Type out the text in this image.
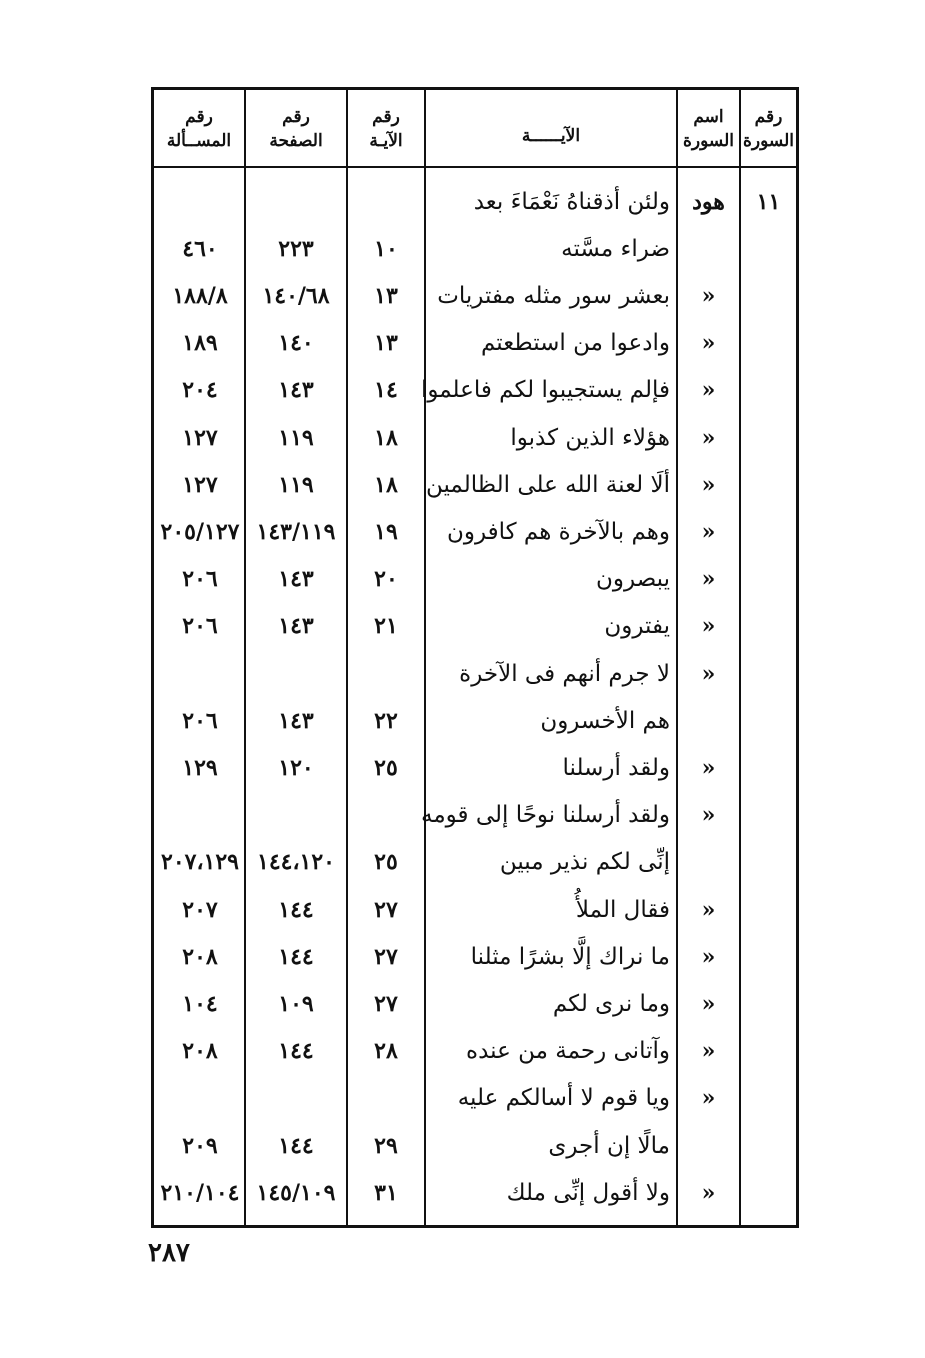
رقم
السورة
اسم
السورة
الآيــــــة
رقم
الآيـة
رقم
الصفحة
رقم
المســألة
١١
هود
ولئن أذقناهُ نَعْمَاءَ بعد
ضراء مسَّته
١٠
٢٢٣
٤٦٠
»
بعشر سور مثله مفتريات
١٣
١٤٠/٦٨
١٨٨/٨
»
وادعوا من استطعتم
١٣
١٤٠
١٨٩
»
فإلم يستجيبوا لكم فاعلموا
١٤
١٤٣
٢٠٤
»
هؤلاء الذين كذبوا
١٨
١١٩
١٢٧
»
ألَا لعنة الله على الظالمين
١٨
١١٩
١٢٧
»
وهم بالآخرة هم كافرون
١٩
١٤٣/١١٩
٢٠٥/١٢٧
»
يبصرون
٢٠
١٤٣
٢٠٦
»
يفترون
٢١
١٤٣
٢٠٦
»
لا جرم أنهم فى الآخرة
هم الأخسرون
٢٢
١٤٣
٢٠٦
»
ولقد أرسلنا
٢٥
١٢٠
١٢٩
»
ولقد أرسلنا نوحًا إلى قومه
إنِّى لكم نذير مبين
٢٥
١٤٤،١٢٠
٢٠٧،١٢٩
»
فقال الملأُ
٢٧
١٤٤
٢٠٧
»
ما نراك إلَّا بشرًا مثلنا
٢٧
١٤٤
٢٠٨
»
وما نرى لكم
٢٧
١٠٩
١٠٤
»
وآتانى رحمة من عنده
٢٨
١٤٤
٢٠٨
»
ويا قوم لا أسالكم عليه
مالًا إن أجرى
٢٩
١٤٤
٢٠٩
»
ولا أقول إنِّى ملك
٣١
١٤٥/١٠٩
٢١٠/١٠٤
٢٨٧
